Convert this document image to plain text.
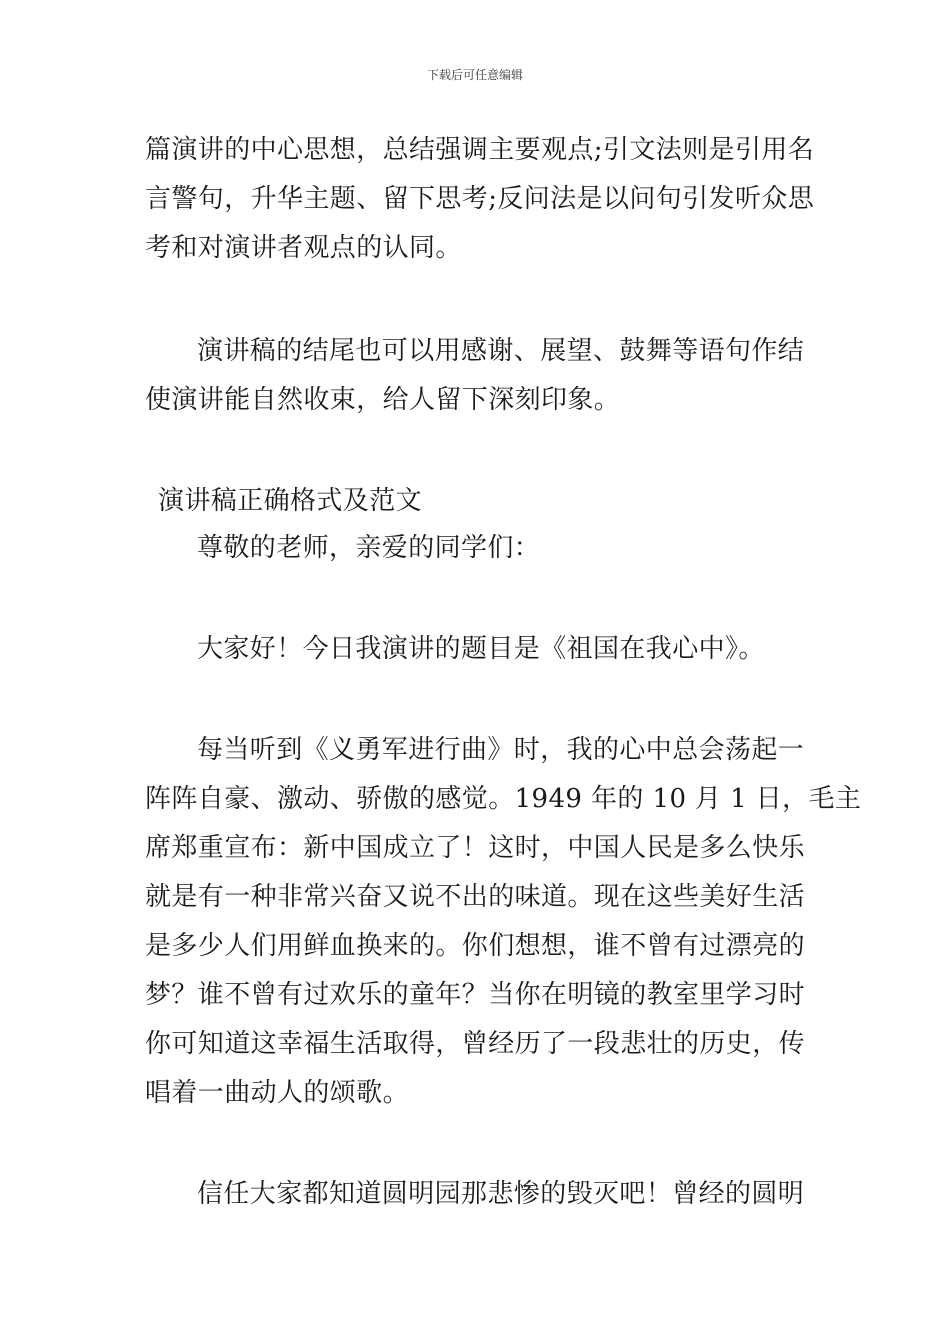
下载后可任意编辑
篇演讲的中心思想，总结强调主要观点;引文法则是引用名
言警句，升华主题、留下思考;反问法是以问句引发听众思
考和对演讲者观点的认同。
演讲稿的结尾也可以用感谢、展望、鼓舞等语句作结
使演讲能自然收束，给人留下深刻印象。
演讲稿正确格式及范文
尊敬的老师，亲爱的同学们：
大家好！今日我演讲的题目是《祖国在我心中》。
每当听到《义勇军进行曲》时，我的心中总会荡起一
阵阵自豪、激动、骄傲的感觉。1949 年的 10 月 1 日，毛主
席郑重宣布：新中国成立了！这时，中国人民是多么快乐
就是有一种非常兴奋又说不出的味道。现在这些美好生活
是多少人们用鲜血换来的。你们想想，谁不曾有过漂亮的
梦？谁不曾有过欢乐的童年？当你在明镜的教室里学习时
你可知道这幸福生活取得，曾经历了一段悲壮的历史，传
唱着一曲动人的颂歌。
信任大家都知道圆明园那悲惨的毁灭吧！曾经的圆明
